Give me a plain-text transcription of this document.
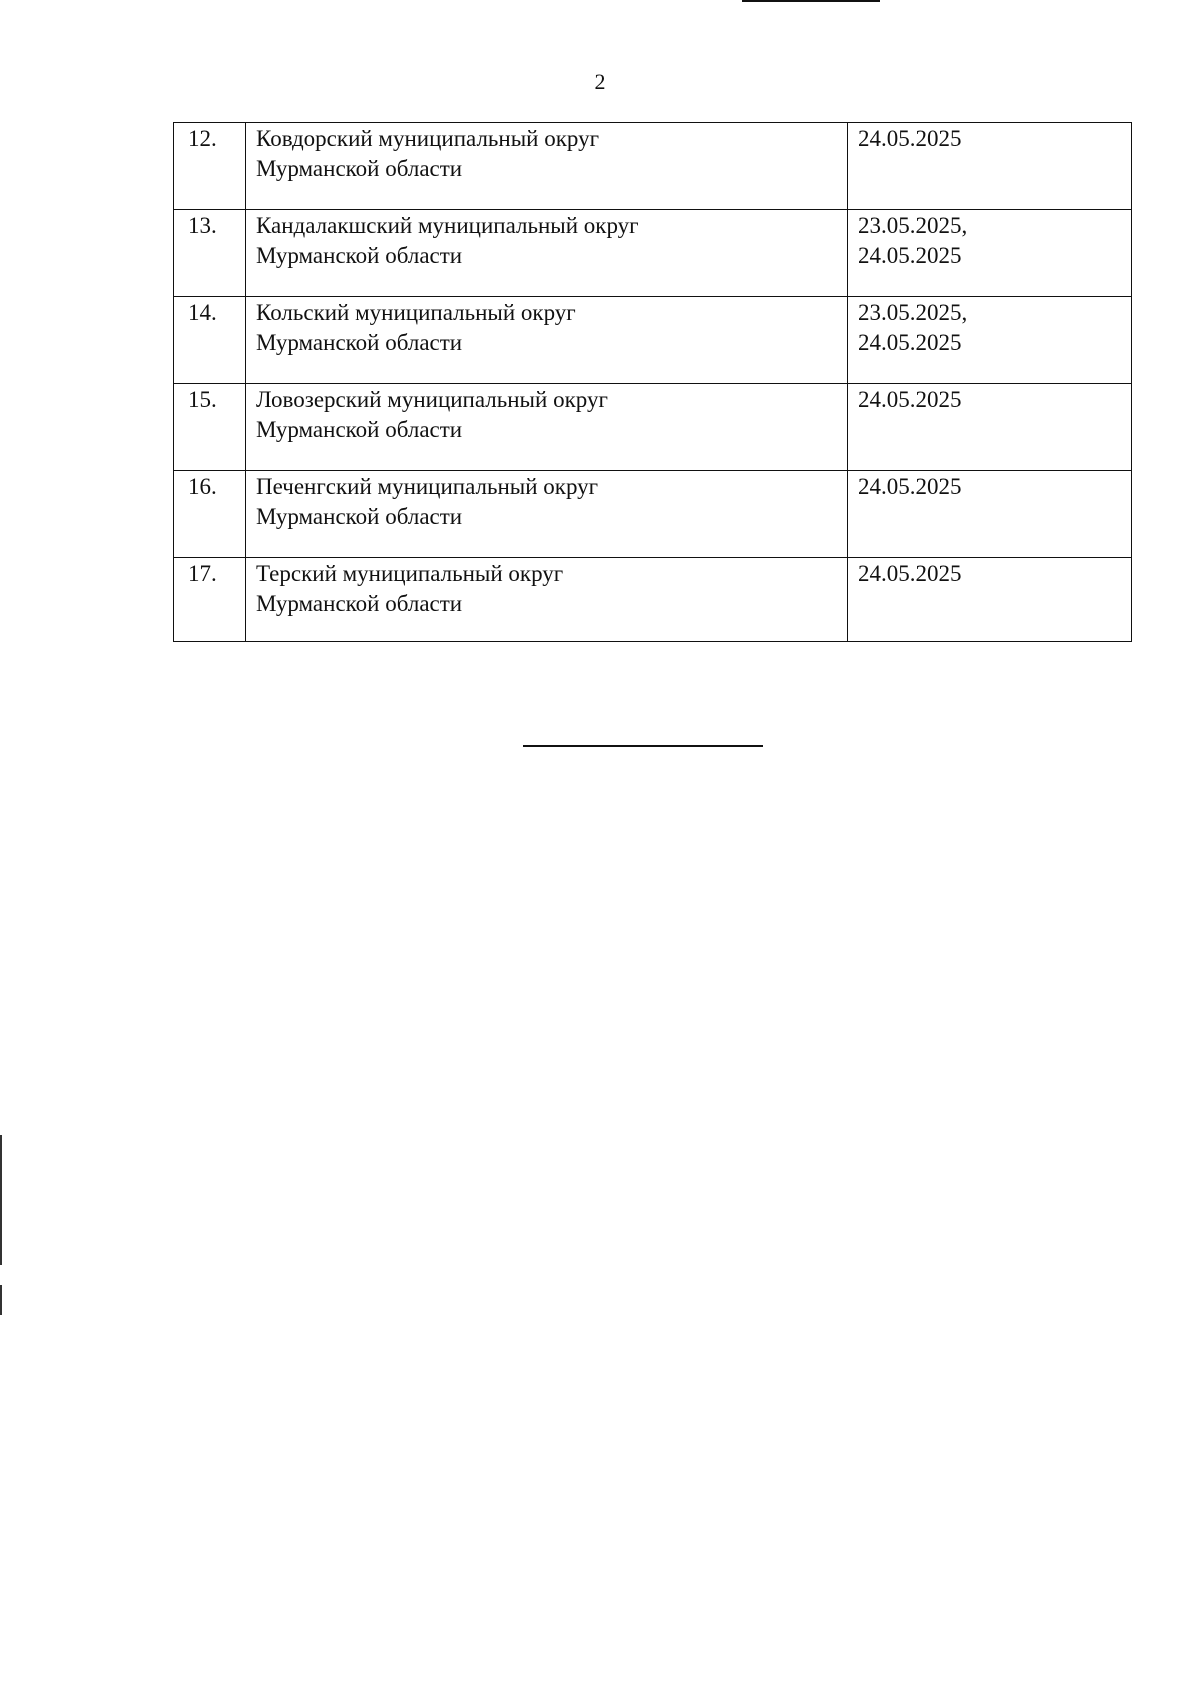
2
12.	Ковдорский муниципальный округ
Мурманской области	24.05.2025

13.	Кандалакшский муниципальный округ
Мурманской области	23.05.2025,
24.05.2025

14.	Кольский муниципальный округ
Мурманской области	23.05.2025,
24.05.2025

15.	Ловозерский муниципальный округ
Мурманской области	24.05.2025

16.	Печенгский муниципальный округ
Мурманской области	24.05.2025

17.	Терский муниципальный округ
Мурманской области	24.05.2025
